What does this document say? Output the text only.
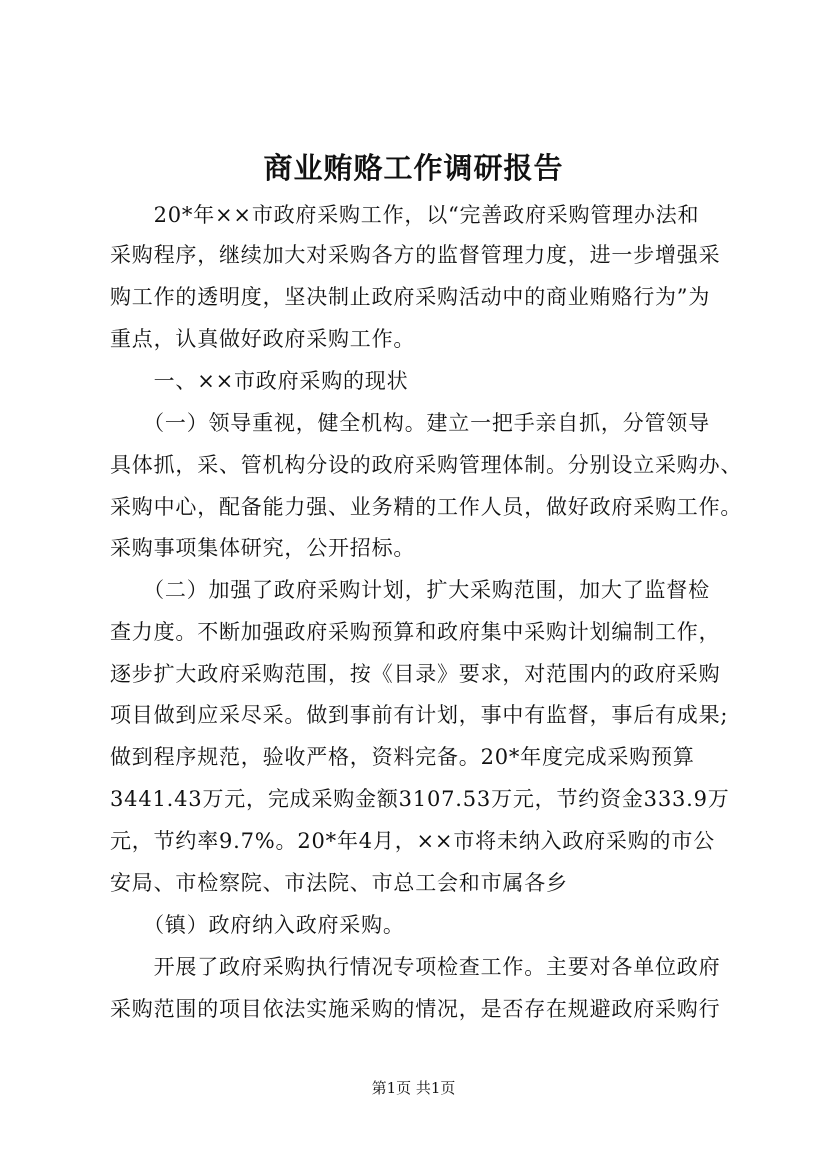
商业贿赂工作调研报告
　　20*年××市政府采购工作，以“完善政府采购管理办法和
采购程序，继续加大对采购各方的监督管理力度，进一步增强采
购工作的透明度，坚决制止政府采购活动中的商业贿赂行为”为
重点，认真做好政府采购工作。
　　一、××市政府采购的现状
　　（一）领导重视，健全机构。建立一把手亲自抓，分管领导
具体抓，采、管机构分设的政府采购管理体制。分别设立采购办、
采购中心，配备能力强、业务精的工作人员，做好政府采购工作。
采购事项集体研究，公开招标。
　　（二）加强了政府采购计划，扩大采购范围，加大了监督检
查力度。不断加强政府采购预算和政府集中采购计划编制工作，
逐步扩大政府采购范围，按《目录》要求，对范围内的政府采购
项目做到应采尽采。做到事前有计划，事中有监督，事后有成果;
做到程序规范，验收严格，资料完备。20*年度完成采购预算
3441.43万元，完成采购金额3107.53万元，节约资金333.9万
元，节约率9.7%。20*年4月，××市将未纳入政府采购的市公
安局、市检察院、市法院、市总工会和市属各乡
　　（镇）政府纳入政府采购。
　　开展了政府采购执行情况专项检查工作。主要对各单位政府
采购范围的项目依法实施采购的情况，是否存在规避政府采购行
第1页 共1页
